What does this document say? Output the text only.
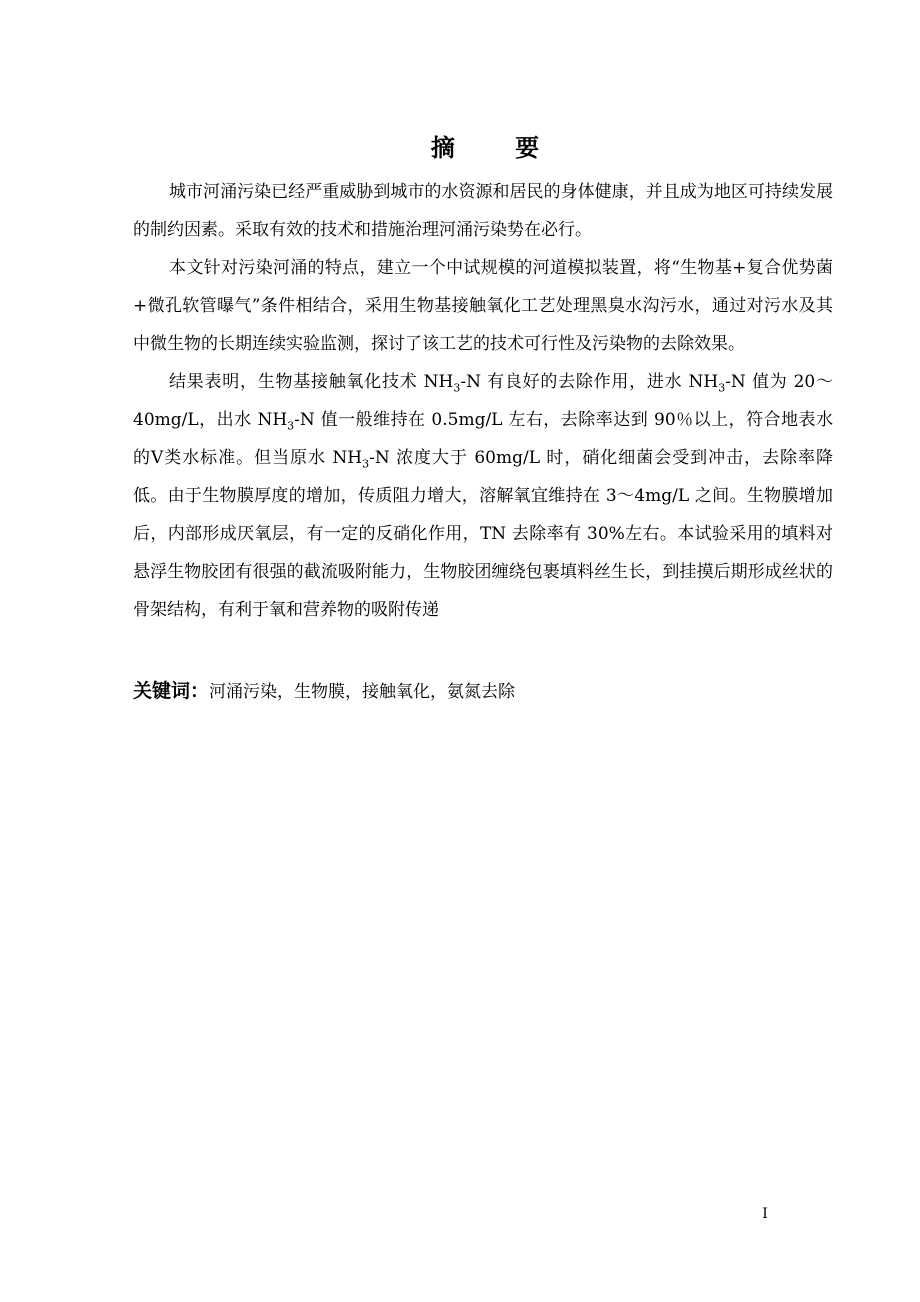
摘 要

城市河涌污染已经严重威胁到城市的水资源和居民的身体健康，并且成为地区可持续发展的制约因素。采取有效的技术和措施治理河涌污染势在必行。

本文针对污染河涌的特点，建立一个中试规模的河道模拟装置，将“生物基+复合优势菌+微孔软管曝气”条件相结合，采用生物基接触氧化工艺处理黑臭水沟污水，通过对污水及其中微生物的长期连续实验监测，探讨了该工艺的技术可行性及污染物的去除效果。

结果表明，生物基接触氧化技术 $NH_3-N$ 有良好的去除作用，进水 $NH_3-N$ 值为 20～40mg/L，出水 $NH_3-N$ 值一般维持在 0.5mg/L 左右，去除率达到 90％以上，符合地表水的Ⅴ类水标准。但当原水 $NH_3-N$ 浓度大于 60mg/L 时，硝化细菌会受到冲击，去除率降低。由于生物膜厚度的增加，传质阻力增大，溶解氧宜维持在 3～4mg/L 之间。生物膜增加后，内部形成厌氧层，有一定的反硝化作用，TN 去除率有 30%左右。本试验采用的填料对悬浮生物胶团有很强的截流吸附能力，生物胶团缠绕包裹填料丝生长，到挂摸后期形成丝状的骨架结构，有利于氧和营养物的吸附传递

关键词：河涌污染，生物膜，接触氧化，氨氮去除
I
